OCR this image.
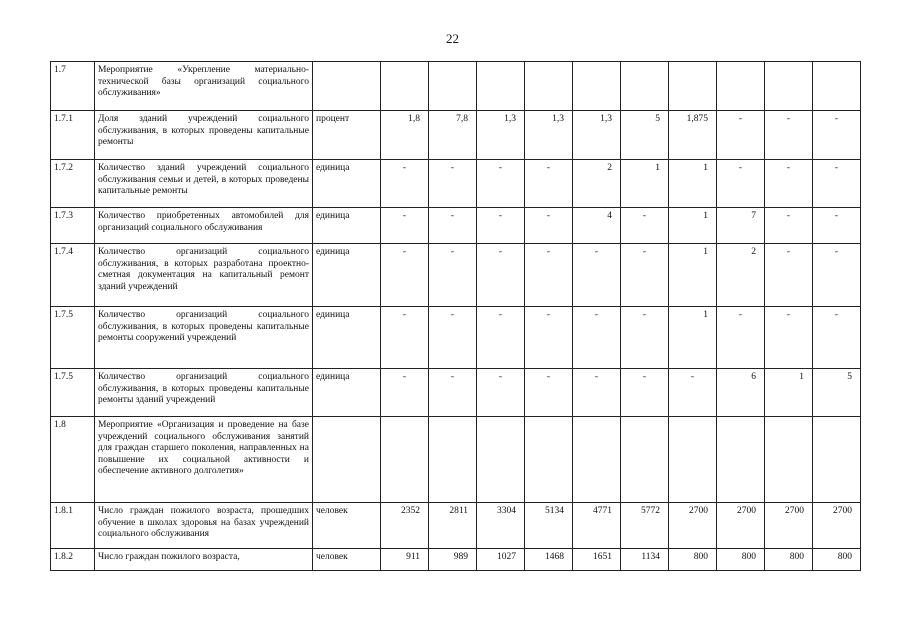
22
1.7	Мероприятие «Укрепление материально-технической базы организаций социального обслуживания»											
1.7.1	Доля зданий учреждений социального обслуживания, в которых проведены капитальные ремонты	процент	1,8	7,8	1,3	1,3	1,3	5	1,875	-	-	-
1.7.2	Количество зданий учреждений социального обслуживания семьи и детей, в которых проведены капитальные ремонты	единица	-	-	-	-	2	1	1	-	-	-
1.7.3	Количество приобретенных автомобилей для организаций социального обслуживания	единица	-	-	-	-	4	-	1	7	-	-
1.7.4	Количество организаций социального обслуживания, в которых разработана проектно-сметная документация на капитальный ремонт зданий учреждений	единица	-	-	-	-	-	-	1	2	-	-
1.7.5	Количество организаций социального обслуживания, в которых проведены капитальные ремонты сооружений учреждений	единица	-	-	-	-	-	-	1	-	-	-
1.7.5	Количество организаций социального обслуживания, в которых проведены капитальные ремонты зданий учреждений	единица	-	-	-	-	-	-	-	6	1	5
1.8	Мероприятие «Организация и проведение на базе учреждений социального обслуживания занятий для граждан старшего поколения, направленных на повышение их социальной активности и обеспечение активного долголетия»											
1.8.1	Число граждан пожилого возраста, прошедших обучение в школах здоровья на базах учреждений социального обслуживания	человек	2352	2811	3304	5134	4771	5772	2700	2700	2700	2700
1.8.2	Число граждан пожилого возраста,	человек	911	989	1027	1468	1651	1134	800	800	800	800
